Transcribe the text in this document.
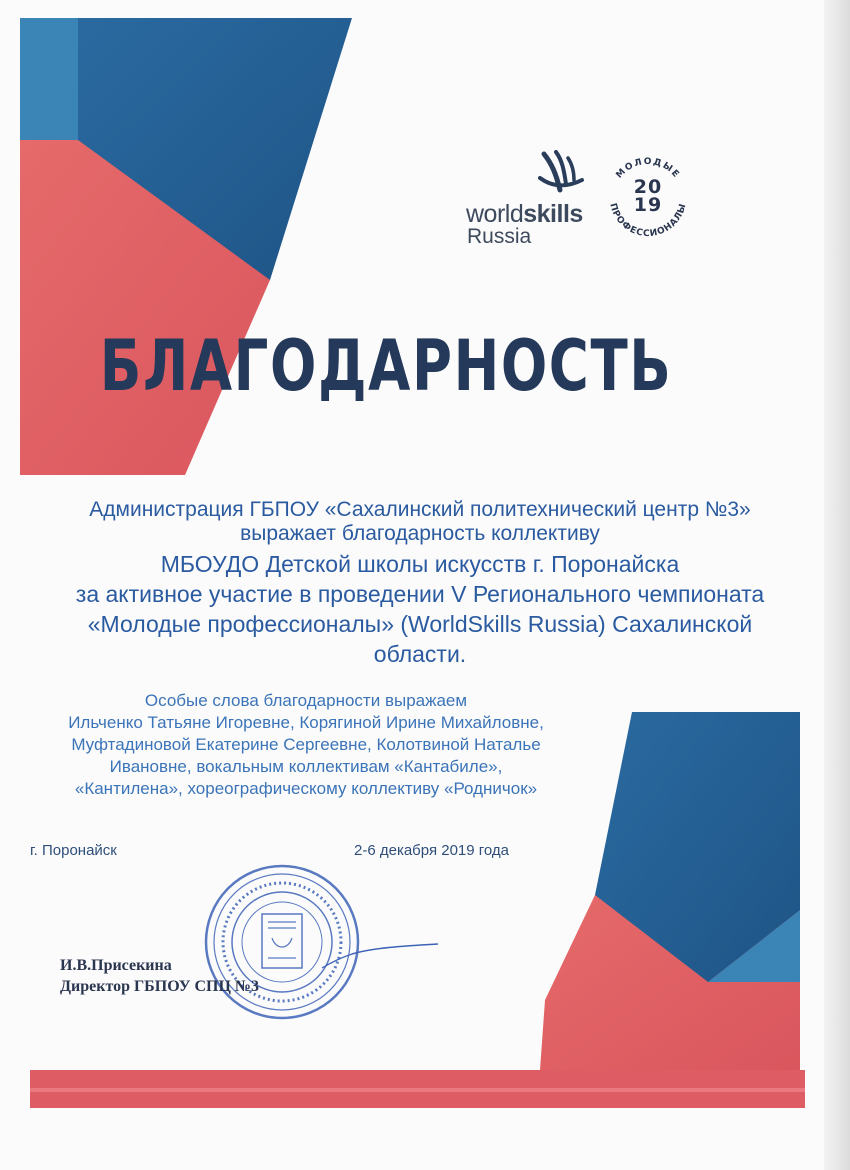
worldskills
Russia
МОЛОДЫЕ
ПРОФЕССИОНАЛЫ
20
19
БЛАГОДАРНОСТЬ
Администрация ГБПОУ «Сахалинский политехнический центр №3»
выражает благодарность коллективу
МБОУДО Детской школы искусств г. Поронайска
за активное участие в проведении V Регионального чемпионата
«Молодые профессионалы» (WorldSkills Russia) Сахалинской
области.
Особые слова благодарности выражаем
Ильченко Татьяне Игоревне, Корягиной Ирине Михайловне,
Муфтадиновой Екатерине Сергеевне, Колотвиной Наталье
Ивановне, вокальным коллективам «Кантабиле»,
«Кантилена», хореографическому коллективу «Родничок»
г. Поронайск	2-6 декабря 2019 года
И.В.Присекина
Директор ГБПОУ СПЦ №3
